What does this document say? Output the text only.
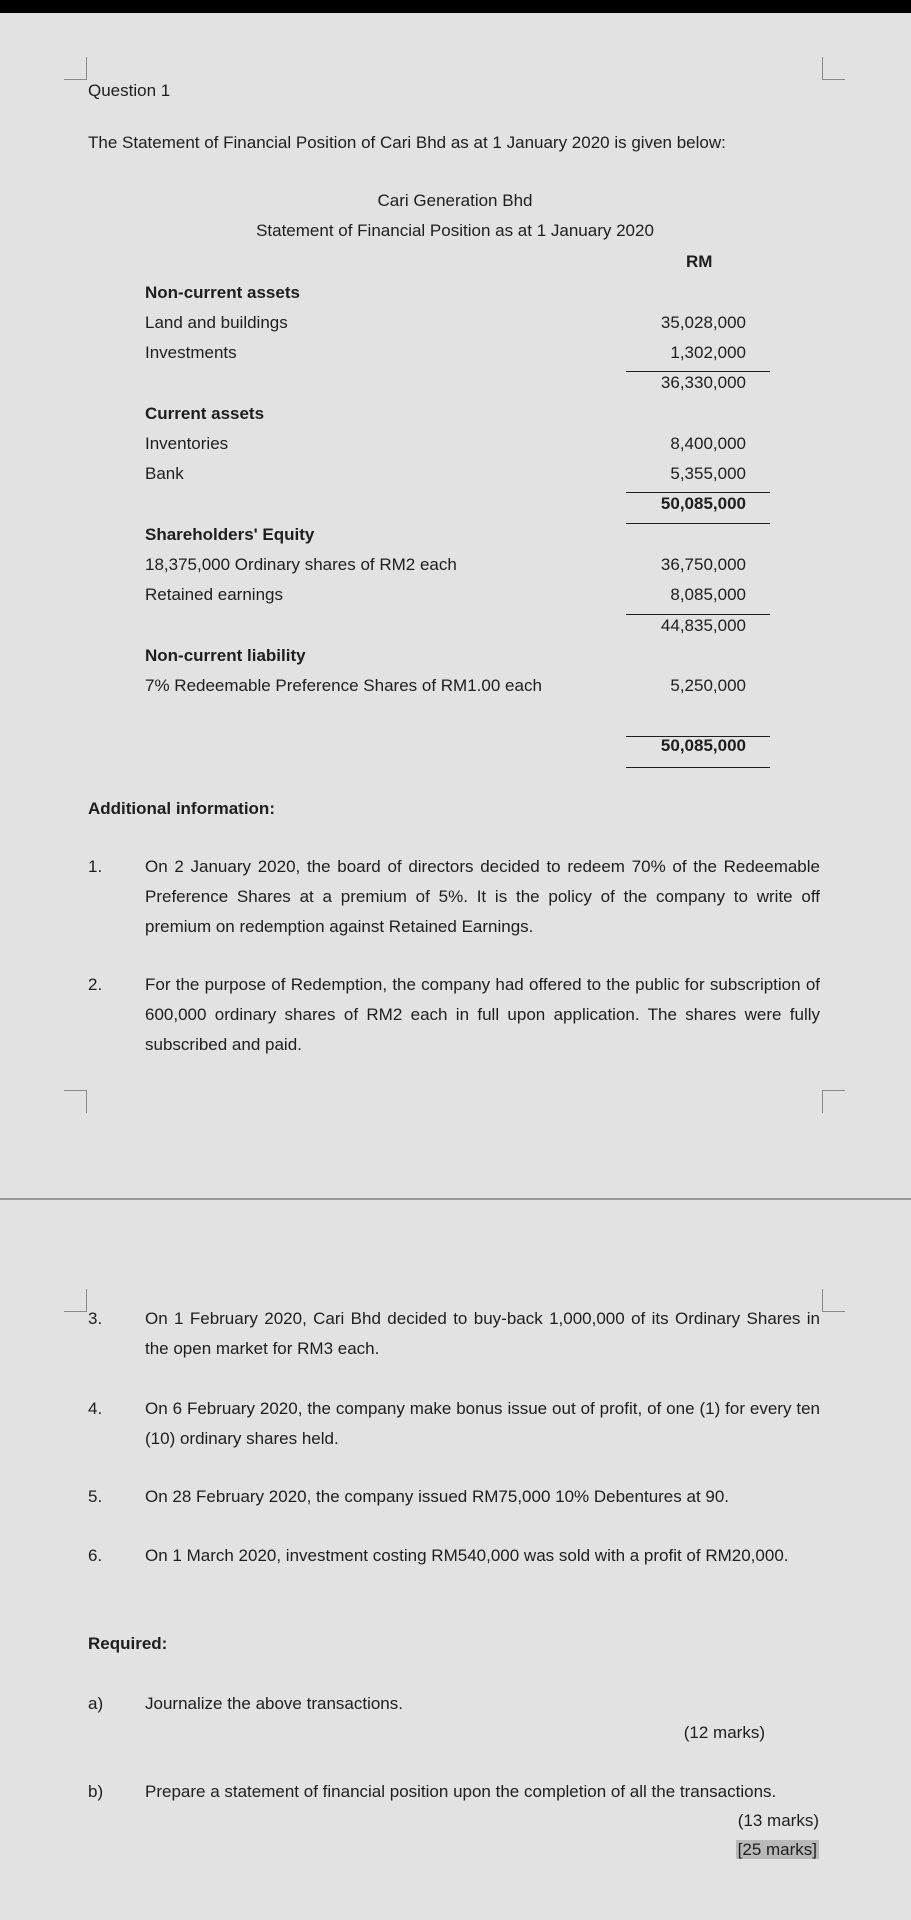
Question 1
The Statement of Financial Position of Cari Bhd as at 1 January 2020 is given below:
Cari Generation Bhd
Statement of Financial Position as at 1 January 2020
RM
Non-current assets
Land and buildings	35,028,000
Investments	1,302,000
36,330,000
Current assets
Inventories	8,400,000
Bank	5,355,000
50,085,000
Shareholders' Equity
18,375,000 Ordinary shares of RM2 each	36,750,000
Retained earnings	8,085,000
44,835,000
Non-current liability
7% Redeemable Preference Shares of RM1.00 each	5,250,000
50,085,000
Additional information:
1.	On 2 January 2020, the board of directors decided to redeem 70% of the Redeemable Preference Shares at a premium of 5%. It is the policy of the company to write off premium on redemption against Retained Earnings.
2.	For the purpose of Redemption, the company had offered to the public for subscription of 600,000 ordinary shares of RM2 each in full upon application. The shares were fully subscribed and paid.
3.	On 1 February 2020, Cari Bhd decided to buy-back 1,000,000 of its Ordinary Shares in the open market for RM3 each.
4.	On 6 February 2020, the company make bonus issue out of profit, of one (1) for every ten (10) ordinary shares held.
5.	On 28 February 2020, the company issued RM75,000 10% Debentures at 90.
6.	On 1 March 2020, investment costing RM540,000 was sold with a profit of RM20,000.
Required:
a) Journalize the above transactions.
(12 marks)
b) Prepare a statement of financial position upon the completion of all the transactions.
(13 marks)
[25 marks]
